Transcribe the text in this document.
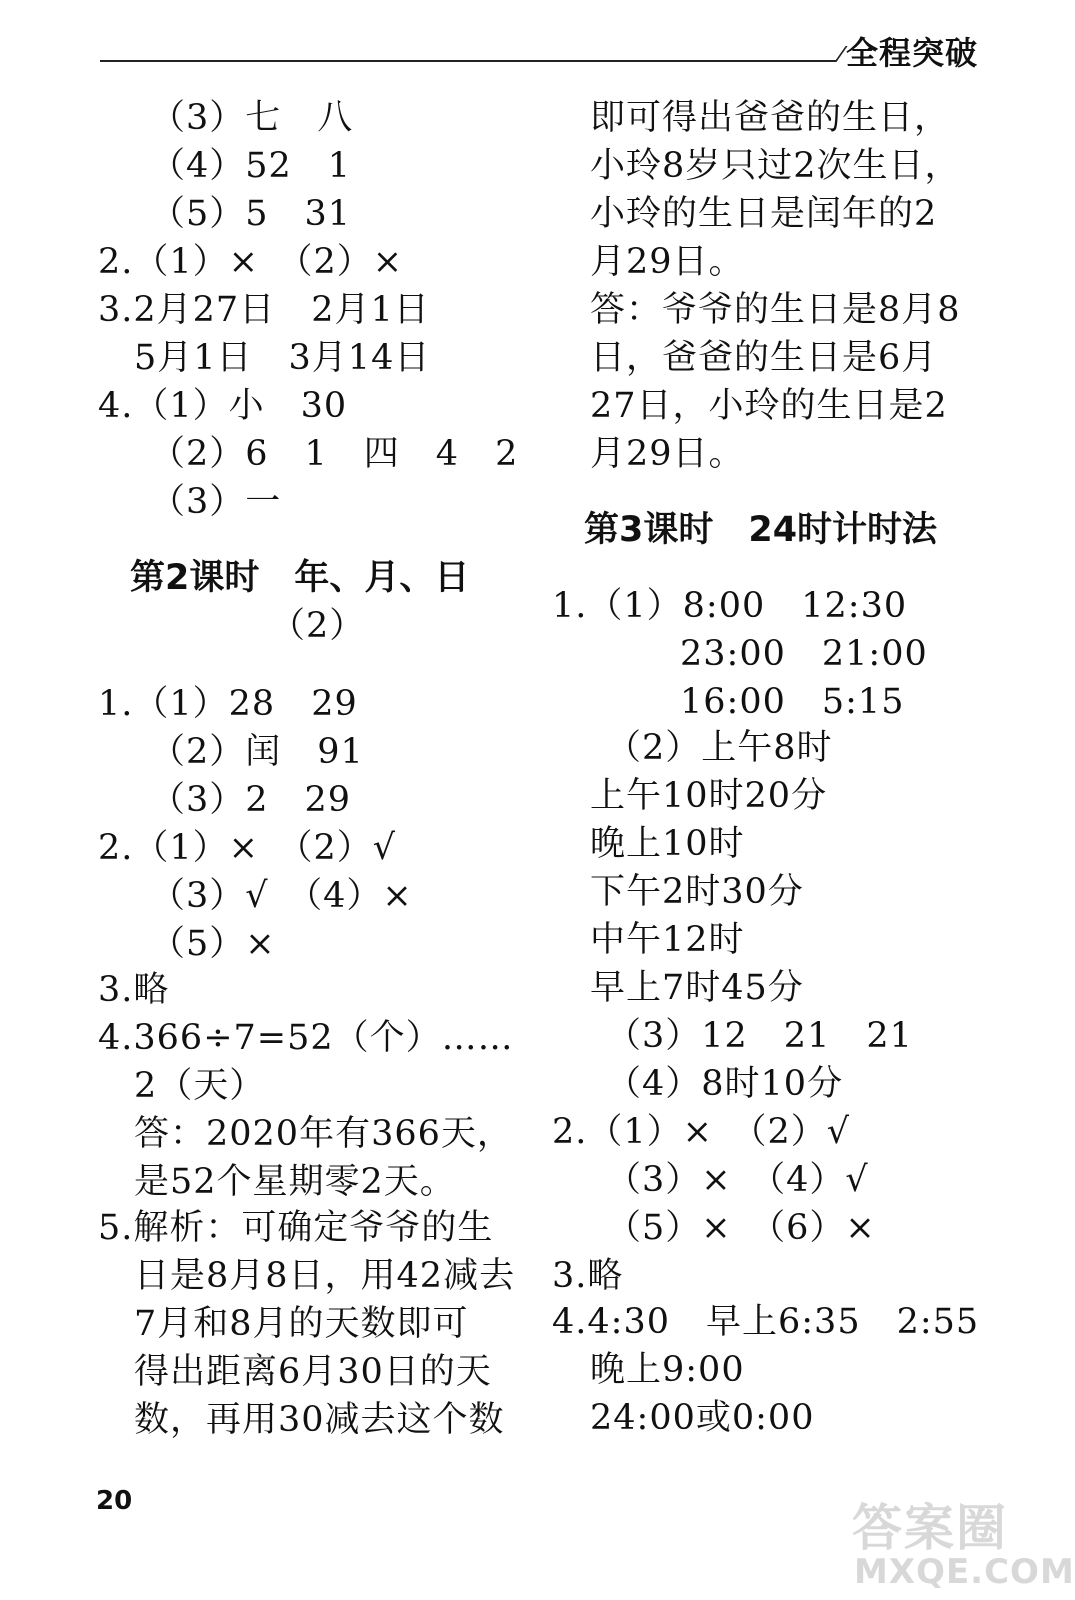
全程突破
（3）七　八
（4）52　1
（5）5　31
2.（1）×　（2）×
3.2月27日　2月1日
5月1日　3月14日
4.（1）小　30
（2）6　1　四　4　2
（3）一
第2课时　年、月、日
（2）
1.（1）28　29
（2）闰　91
（3）2　29
2.（1）×　（2）√
（3）√　（4）×
（5）×
3.略
4.366÷7=52（个）……
2（天）
答：2020年有366天，
是52个星期零2天。
5.解析：可确定爷爷的生
日是8月8日，用42减去
7月和8月的天数即可
得出距离6月30日的天
数，再用30减去这个数
即可得出爸爸的生日，
小玲8岁只过2次生日，
小玲的生日是闰年的2
月29日。
答：爷爷的生日是8月8
日，爸爸的生日是6月
27日，小玲的生日是2
月29日。
第3课时　24时计时法
1.（1）8:00　12:30
23:00　21:00
16:00　5:15
（2）上午8时
上午10时20分
晚上10时
下午2时30分
中午12时
早上7时45分
（3）12　21　21
（4）8时10分
2.（1）×　（2）√
（3）×　（4）√
（5）×　（6）×
3.略
4.4:30　早上6:35　2:55
晚上9:00
24:00或0:00
20	答案圈
MXQE.COM
